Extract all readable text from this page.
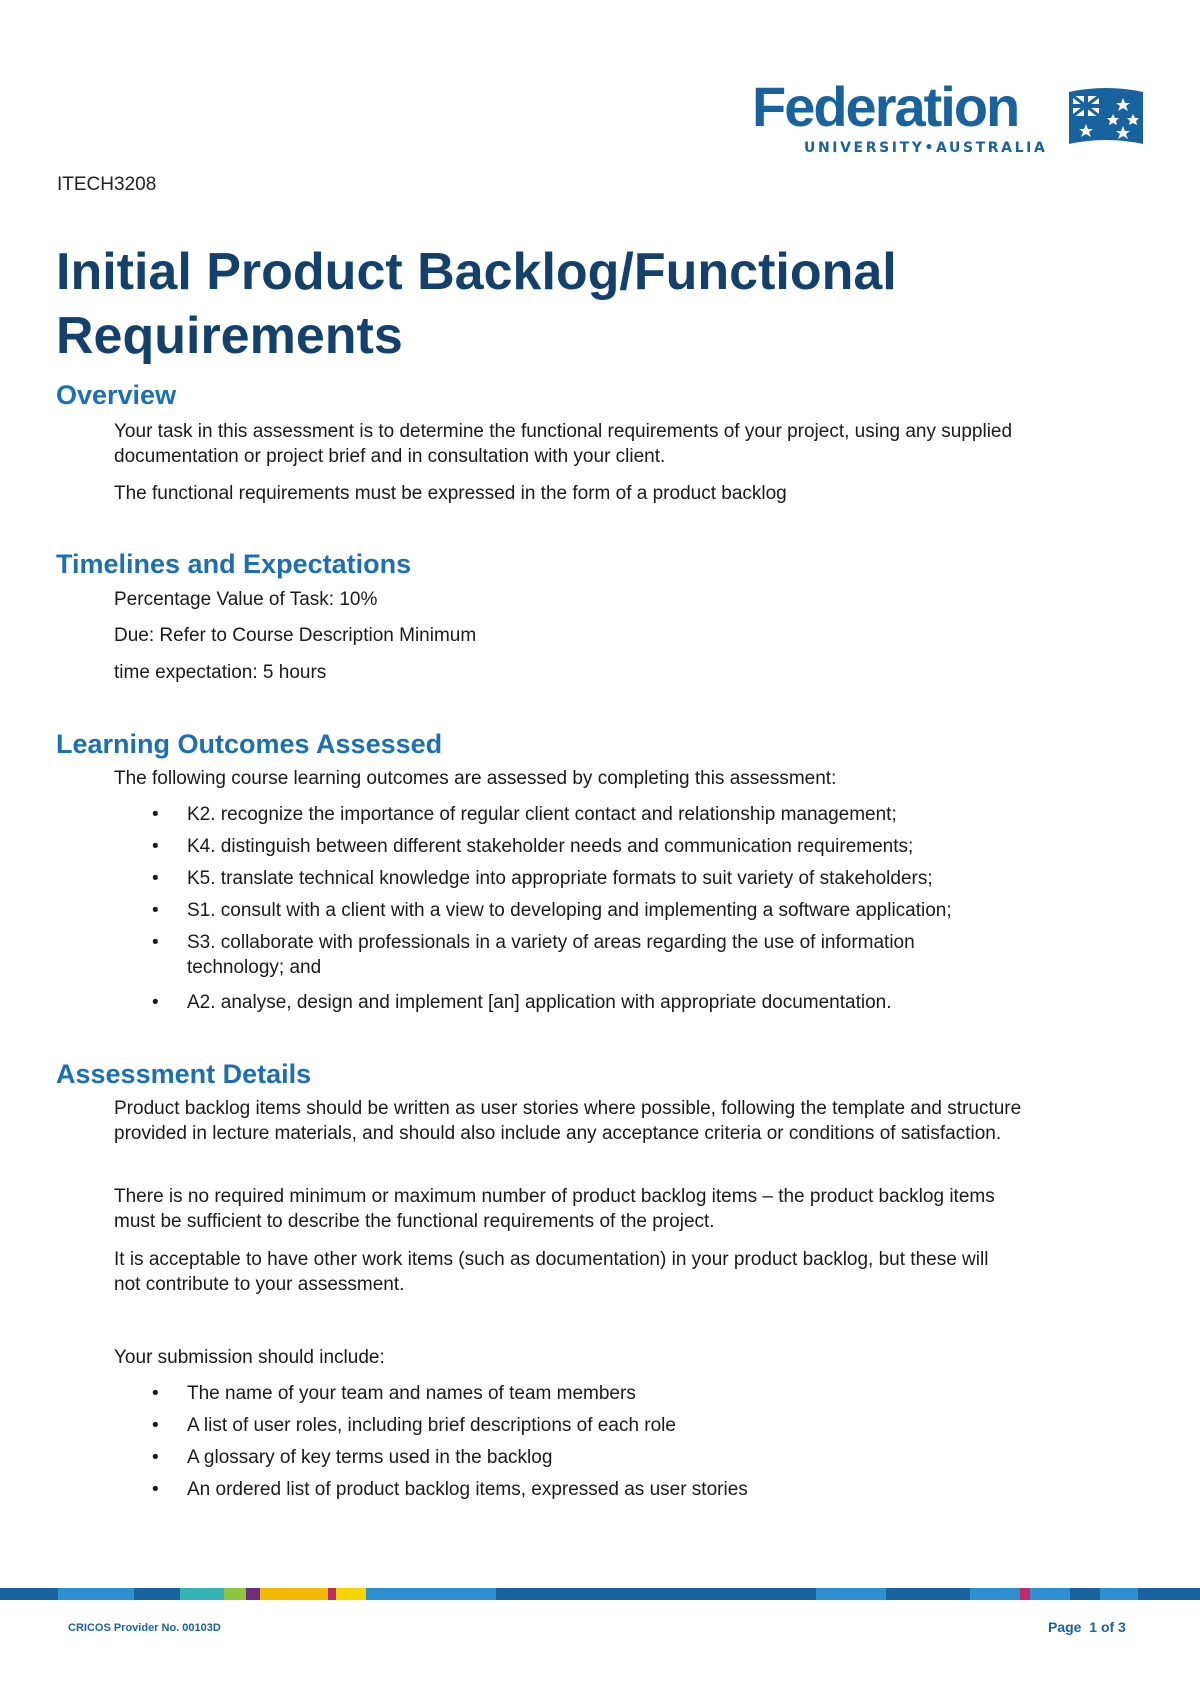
Federation
UNIVERSITY•AUSTRALIA
ITECH3208
Initial Product Backlog/Functional Requirements
Overview

Your task in this assessment is to determine the functional requirements of your project, using any supplied documentation or project brief and in consultation with your client.

The functional requirements must be expressed in the form of a product backlog

Timelines and Expectations

Percentage Value of Task: 10%

Due: Refer to Course Description Minimum

time expectation: 5 hours

Learning Outcomes Assessed

The following course learning outcomes are assessed by completing this assessment:

• K2. recognize the importance of regular client contact and relationship management;
• K4. distinguish between different stakeholder needs and communication requirements;
• K5. translate technical knowledge into appropriate formats to suit variety of stakeholders;
• S1. consult with a client with a view to developing and implementing a software application;
• S3. collaborate with professionals in a variety of areas regarding the use of information technology; and
• A2. analyse, design and implement [an] application with appropriate documentation.
Assessment Details

Product backlog items should be written as user stories where possible, following the template and structure provided in lecture materials, and should also include any acceptance criteria or conditions of satisfaction.

There is no required minimum or maximum number of product backlog items – the product backlog items must be sufficient to describe the functional requirements of the project.

It is acceptable to have other work items (such as documentation) in your product backlog, but these will not contribute to your assessment.

Your submission should include:

• The name of your team and names of team members
• A list of user roles, including brief descriptions of each role
• A glossary of key terms used in the backlog
• An ordered list of product backlog items, expressed as user stories
CRICOS Provider No. 00103D	Page 1 of 3
